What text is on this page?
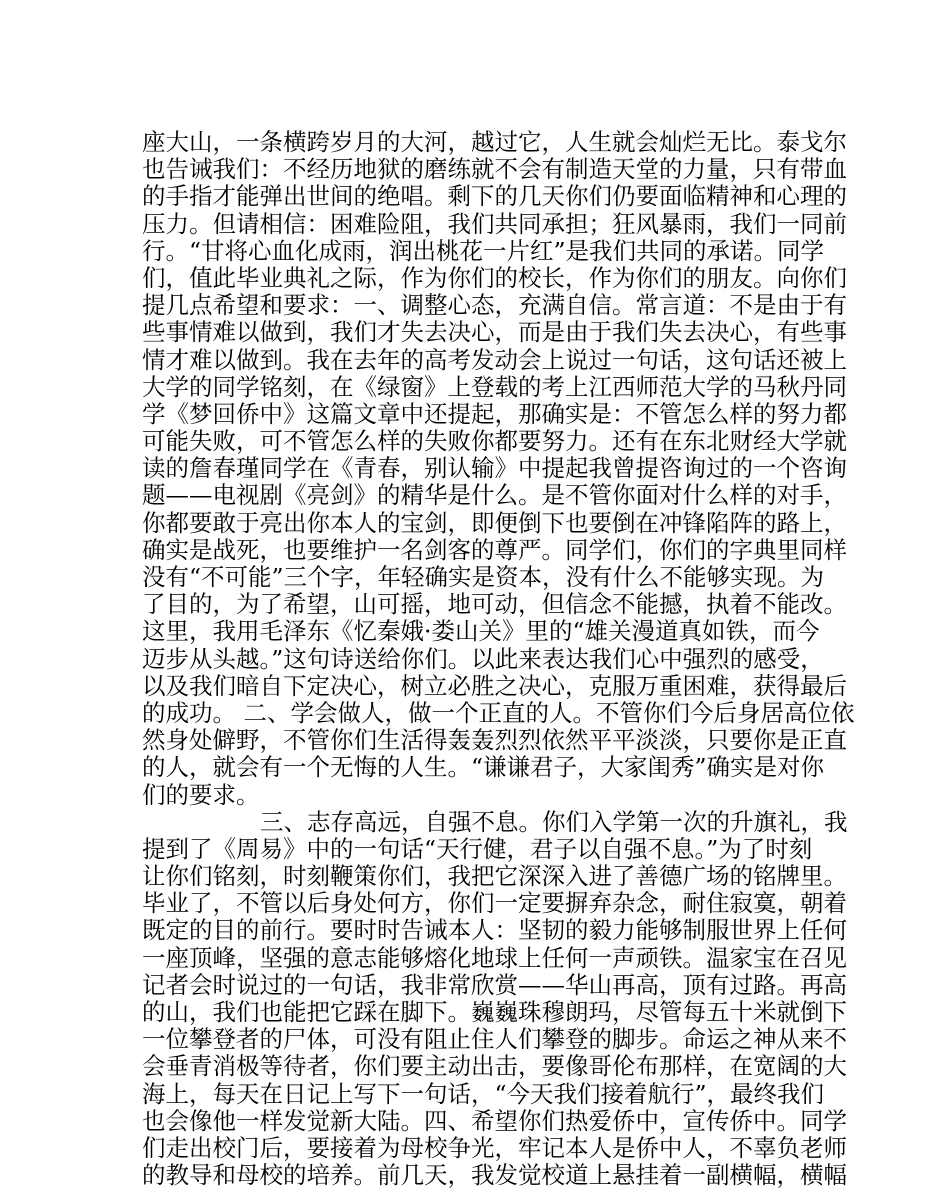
座大山，一条横跨岁月的大河，越过它，人生就会灿烂无比。泰戈尔
也告诫我们：不经历地狱的磨练就不会有制造天堂的力量，只有带血
的手指才能弹出世间的绝唱。剩下的几天你们仍要面临精神和心理的
压力。但请相信：困难险阻，我们共同承担；狂风暴雨，我们一同前
行。“甘将心血化成雨，润出桃花一片红”是我们共同的承诺。同学
们，值此毕业典礼之际，作为你们的校长，作为你们的朋友。向你们
提几点希望和要求：一、调整心态，充满自信。常言道：不是由于有
些事情难以做到，我们才失去决心，而是由于我们失去决心，有些事
情才难以做到。我在去年的高考发动会上说过一句话，这句话还被上
大学的同学铭刻，在《绿窗》上登载的考上江西师范大学的马秋丹同
学《梦回侨中》这篇文章中还提起，那确实是：不管怎么样的努力都
可能失败，可不管怎么样的失败你都要努力。还有在东北财经大学就
读的詹春瑾同学在《青春，别认输》中提起我曾提咨询过的一个咨询
题——电视剧《亮剑》的精华是什么。是不管你面对什么样的对手，
你都要敢于亮出你本人的宝剑，即便倒下也要倒在冲锋陷阵的路上，
确实是战死，也要维护一名剑客的尊严。同学们，你们的字典里同样
没有“不可能”三个字，年轻确实是资本，没有什么不能够实现。为
了目的，为了希望，山可摇，地可动，但信念不能撼，执着不能改。
这里，我用毛泽东《忆秦娥·娄山关》里的“雄关漫道真如铁，而今
迈步从头越。”这句诗送给你们。以此来表达我们心中强烈的感受，
以及我们暗自下定决心，树立必胜之决心，克服万重困难，获得最后
的成功。 二、学会做人，做一个正直的人。不管你们今后身居高位依
然身处僻野，不管你们生活得轰轰烈烈依然平平淡淡，只要你是正直
的人，就会有一个无悔的人生。“谦谦君子，大家闺秀”确实是对你
们的要求。
三、志存高远，自强不息。你们入学第一次的升旗礼，我
提到了《周易》中的一句话“天行健，君子以自强不息。”为了时刻
让你们铭刻，时刻鞭策你们，我把它深深入进了善德广场的铭牌里。
毕业了，不管以后身处何方，你们一定要摒弃杂念，耐住寂寞，朝着
既定的目的前行。要时时告诫本人：坚韧的毅力能够制服世界上任何
一座顶峰，坚强的意志能够熔化地球上任何一声顽铁。温家宝在召见
记者会时说过的一句话，我非常欣赏——华山再高，顶有过路。再高
的山，我们也能把它踩在脚下。巍巍珠穆朗玛，尽管每五十米就倒下
一位攀登者的尸体，可没有阻止住人们攀登的脚步。命运之神从来不
会垂青消极等待者，你们要主动出击，要像哥伦布那样，在宽阔的大
海上，每天在日记上写下一句话，“今天我们接着航行”，最终我们
也会像他一样发觉新大陆。四、希望你们热爱侨中，宣传侨中。同学
们走出校门后，要接着为母校争光，牢记本人是侨中人，不辜负老师
的教导和母校的培养。前几天，我发觉校道上悬挂着一副横幅，横幅
